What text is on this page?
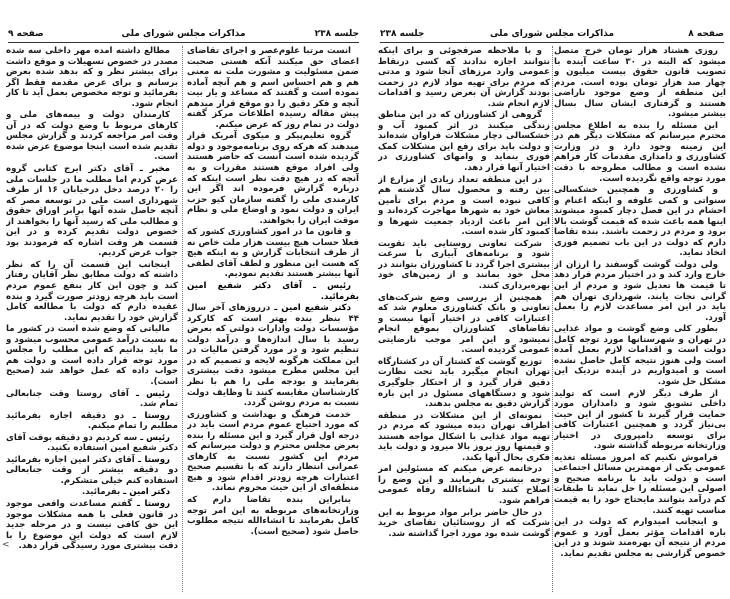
جلسه ۲۳۸
مذاکرات مجلس شورای ملی
صفحه ۹

آنست مرتبا علوم‌عصر و اجرای تقاضای اعضای حق میکنند آنکه هستی صحبت ضمن مسئولیت و مشورت ملت نه معنی هم و هم احساس اسم و هم آنچه آماده نموده است و گفتند که مساعد و یار بیت آنچه و فکر دقیق را دو موقع قرار میدهم پیش مقاله رسیده اطلاعات مرکز گفته دولت در تمام روز که عرض میکنم.

گروه تعلیم‌پیکر و میکوی آمریک قرار میدهند که هرکه روی برنامه‌موجود و دوله گردیده شده است آنست که حاضر هستند ولی افراد موقع هستند مقررات و به آنچه که در هیچ دقت نظر است اینکه که درباره گزارش فرموده اند اگر این کارمندی ملی را گفته سازمان کیو حزب ایران و دولت نمود و اوضاع ملی و نظام موقت ایران را بخواهند.

و قانون ما در امور کشاورزی کشور که فعلا حساب هیچ بیست هزار ملت خاص نه از طرف انتخابات گزارش و به اینکه هیچ که هست این منظور و لطف آقای لطفی آنها بیشتر هستند تقدیم نمودیم.

رئیس ـ آقای دکتر شفیع امین بفرمائید.

دکتر شفیع امین ـ درروزهای آخر سال ۴۴ بنظر بنده بهتر است که کارکرد مؤسسات دولت وادارات دولتی که بعرض رسید با سال اندازه‌ها و درآمد دولت تنظیم شود و در مورد گرفتن مالیات در این مملکت هرگونه لایحه و تصمیم که در این مجلس مطرح میشود دقت بیشتری بفرمایند و بودجه ملی را هم با نظر کارشناسان مقایسه کنند تا وظایف دولت نسبت به مردم روشن گردد.

خدمت فرهنگ و بهداشت و کشاورزی که مورد احتیاج عموم مردم است باید در درجه اول قرار گیرد و این مسئله را بنده بعرض مجلس محترم و دولت میرسانم که مردم این کشور نسبت به کارهای عمرانی انتظار دارند که با تقسیم صحیح اعتبارات هرچه زودتر اقدام شود و هیچ منطقه‌ای از این حیث محروم نماند.

بنابراین بنده تقاضا دارم که وزارتخانه‌های مربوطه به این امر توجه کامل بفرمایند تا انشاء‌الله نتیجه مطلوب حاصل شود (صحیح است).

مطالع داشته آمده مهر داخلی سه شده مصدر در خصوص تسهیلات و موقع داشت برای بیشتر نظر و که بدهد شده بعرض برسانم و برای عرض مقدمه فقط اگر بفرمائید و توجه مخصوص بعمل آید تا کار انجام شود.

کارمندان دولت و بیمه‌های ملی و کارهای مربوط با وضع دولت که در آن وقت امر مراجعه کردند و گزارش مجلس تقدیم شده است اینجا موضوع عرض شده است.

مخبر ـ آقای دکتر ایرج کتابی گروه عرض کردم اما مطلب ما در جلسات ملی را ۲۰ درصد دخل درخیابان ۱۶ از طرف شهرداری است ملی در توسعه مصر که آنچه حاصل شده آنها برابر اوراق حقوق و مطالب ملی که رسید آنها را بخواهند از خصوص دولت تقدیم کرده و در این قسمت هر وقت اشاره که فرمودند بود جواب عرض کردیم.

اینجانب این قسمت آن را که نظر داشته که دولت مطابق نظر آقایان رفتار کند و چون این کار بنفع عموم مردم است باید هرچه زودتر صورت گیرد و بنده عقیده دارم که دولت با مطالعه کامل گزارش خود را تقدیم نماید.

مالیاتی که وضع شده است در کشور ما به نسبت درآمد عمومی محسوب میشود و ما باید بدانیم که این مطلب را مجلس مورد توجه قرار داده است و دولت هم جواب داده که عمل خواهد شد (صحیح است).

رئیس ـ آقای روستا وقت جنابعالی تمام شد.

روستا ـ دو دقیقه اجازه بفرمائید مطلبم را تمام میکنم.

رئیس ـ سه کردیم دو دقیقه بوقت آقای دکتر شفیع امین استفاده بکنید.

روستا ـ آقای دکتر امین اجازه بفرمائید دو دقیقه بیشتر از وقت جنابعالی استفاده کنم خیلی متشکرم.

دکتر امین ـ بفرمائید.

روستا ـ گفتم مساعدت واقعی موجود در قانون فعلی با همه مشکلات موجود این حق کافی نیست و در مرحله جدید لازم است که دولت این موضوع را با دقت بیشتری مورد رسیدگی قرار دهد.

صفحه ۸
مذاکرات مجلس شورای ملی
جلسه ۲۳۸

روزی هشتاد هزار تومان خرج متصل میشود که البته در ۳۰ ساعت آینده با تصویب قانون حقوق بیست میلیون و چهار صد هزار تومان بوده است. مردم این منطقه از وضع موجود ناراضی هستند و گرفتاری ایشان سال بسال بیشتر میشود.

این مسئله را بنده به اطلاع مجلس محترم میرسانم که مشکلات دیگر هم در این زمینه وجود دارد و در وزارت کشاورزی و دامداری مقدمات کار فراهم نشده است و مطالب مطروحه با دقت مورد توجه واقع نگردیده است.

و کشاورزی و همچنین خشکسالی سنواتی و کمی علوفه و اینکه اغنام و احشام در این فصل دچار کمبود میشوند اینها همه باعث شده که قیمت گوشت بالا برود و مردم در زحمت باشند. بنده تقاضا دارم که دولت در این باب تصمیم فوری اتخاذ نماید.

ولی دولت گوشت گوسفند را ارزان از خارج وارد کند و در اختیار مردم قرار دهد تا قیمت ها تعدیل شود و مردم از این گرانی نجات یابند. شهرداری تهران هم باید در این امر مساعدت لازم را بعمل آورد.

بطور کلی وضع گوشت و مواد غذایی در تهران و شهرستانها مورد توجه کامل دولت است و اقدامات لازم بعمل آمده است ولی هنوز نتیجه کامل حاصل نشده است و امیدواریم در آینده نزدیک این مشکل حل شود.

از طرف دیگر لازم است که تولید داخلی تشویق شود و دامداران مورد حمایت قرار گیرند تا کشور از این حیث بی‌نیاز گردد و همچنین اعتبارات کافی برای توسعه دامپروری در اختیار وزارتخانه مربوطه گذاشته شود.

فراموش نکنیم که امروز مسئله تغذیه عمومی یکی از مهمترین مسائل اجتماعی است و دولت باید با برنامه صحیح و اصولی این مسئله را حل نماید تا طبقات کم درآمد بتوانند مایحتاج خود را به قیمت مناسب تهیه کنند.

و اینجانب امیدوارم که دولت در این باره اقدامات مؤثر بعمل آورد و عموم مردم از نتیجه آن بهره‌مند شوند و در این خصوص گزارشی به مجلس تقدیم نماید.

و با ملاحظه صرفجوئی و برای اینکه نتوانند اجازه ندادند که کسی درنقاط عمومی وارد مرزهای آنجا شود و مدتی که مردم برای تهیه مواد لازم در زحمت بودند گزارش آن بعرض رسید و اقدامات لازم انجام شد.

گروهی از کشاورزان که در این مناطق زندگی میکنند در اثر کمبود آب و خشکسالی دچار مشکلات فراوان شده‌اند و دولت باید برای رفع این مشکلات کمک فوری بنماید و وامهای کشاورزی در اختیار آنها قرار دهد.

در این منطقه تعداد زیادی از مزارع از بین رفته و محصول سال گذشته هم کافی نبوده است و مردم برای تأمین معاش خود به شهرها مهاجرت کرده‌اند و این امر باعث ازدیاد جمعیت شهرها و کمبود کار شده است.

شرکت تعاونی روستایی باید تقویت شود و برنامه‌های آبیاری با سرعت بیشتری اجرا گردد تا کشاورزان بتوانند در محل خود بمانند و از زمین‌های خود بهره‌برداری کنند.

همچنین از بررسی وضع شرکت‌های تعاونی و بانک کشاورزی معلوم شد که اعتبارات کافی در اختیار آنها نیست و تقاضاهای کشاورزان بموقع انجام نمیشود و این امر موجب نارضایتی عمومی گردیده است.

توزیع گوشت که کشتار آن در کشتارگاه تهران انجام میگیرد باید تحت نظارت دقیق قرار گیرد و از احتکار جلوگیری شود و دستگاههای مسئول در این باره گزارش دقیق به مجلس بدهند.

نمونه‌ای از این مشکلات در منطقه اطراف تهران دیده میشود که مردم در تهیه مواد غذایی با اشکال مواجه هستند و قیمتها روز بروز بالا میرود و دولت باید فکری بحال آنها بکند.

درخاتمه عرض میکنم که مسئولین امر توجه بیشتری بفرمایند و این وضع را اصلاح کنند تا انشاء‌الله رفاه عمومی فراهم شود.

در حال حاضر برابر مواد مربوط به این شرکت که از روستائیان تقاضای خرید گوشت شده بود مورد اجرا گذاشته شد.

<
